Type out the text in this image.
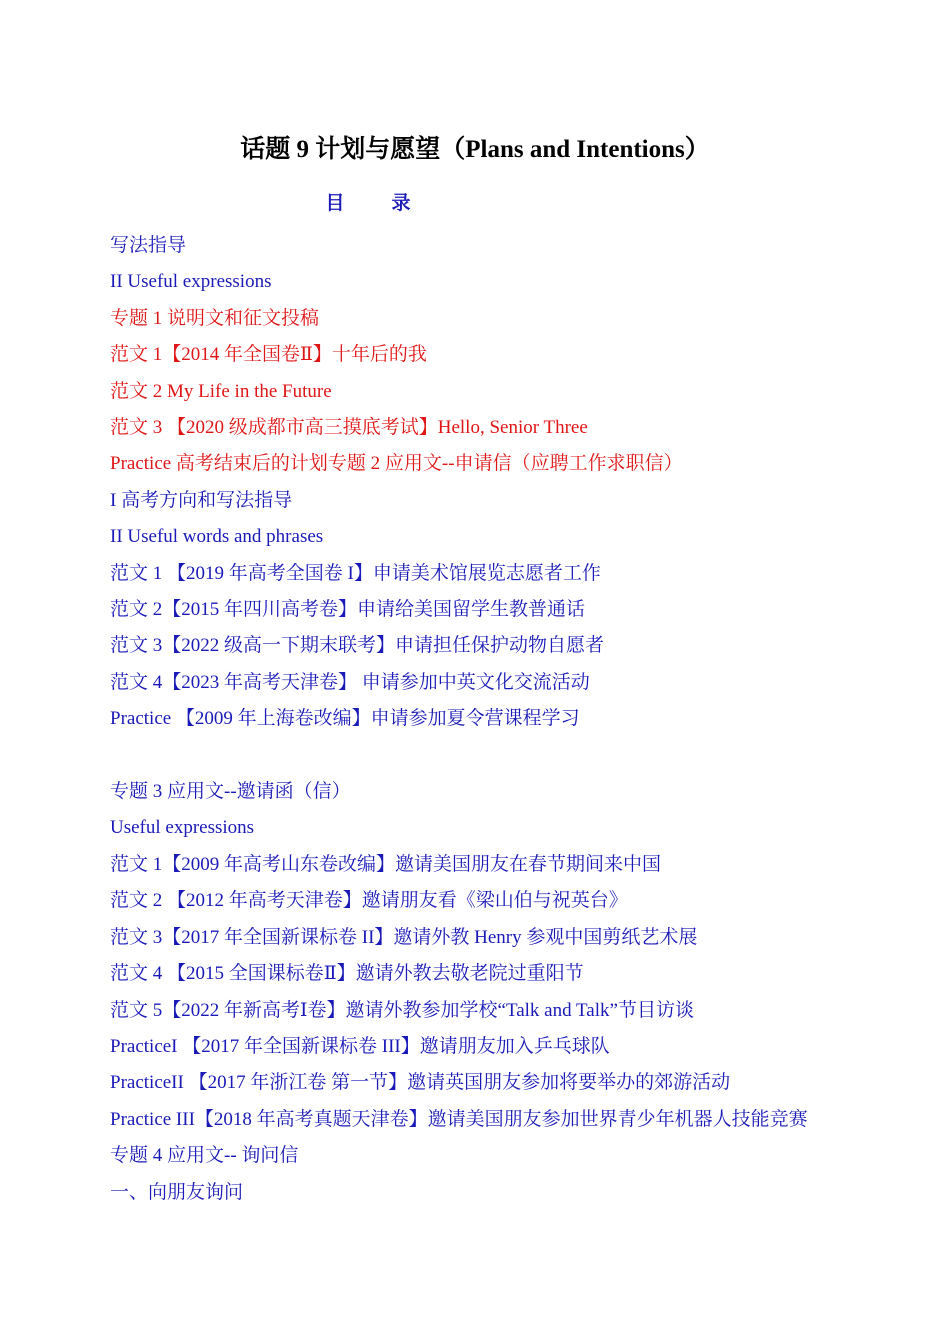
话题 9 计划与愿望（Plans and Intentions）
目　录
写法指导
II Useful expressions
专题 1 说明文和征文投稿
范文 1【2014 年全国卷Ⅱ】十年后的我
范文 2 My Life in the Future
范文 3 【2020 级成都市高三摸底考试】Hello, Senior Three
Practice 高考结束后的计划专题 2 应用文--申请信（应聘工作求职信）
I 高考方向和写法指导
II Useful words and phrases
范文 1 【2019 年高考全国卷 I】申请美术馆展览志愿者工作
范文 2【2015 年四川高考卷】申请给美国留学生教普通话
范文 3【2022 级高一下期末联考】申请担任保护动物自愿者
范文 4【2023 年高考天津卷】 申请参加中英文化交流活动
Practice 【2009 年上海卷改编】申请参加夏令营课程学习
专题 3 应用文--邀请函（信）
Useful expressions
范文 1【2009 年高考山东卷改编】邀请美国朋友在春节期间来中国
范文 2 【2012 年高考天津卷】邀请朋友看《梁山伯与祝英台》
范文 3【2017 年全国新课标卷 II】邀请外教 Henry 参观中国剪纸艺术展
范文 4 【2015 全国课标卷Ⅱ】邀请外教去敬老院过重阳节
范文 5【2022 年新高考Ⅰ卷】邀请外教参加学校“Talk and Talk”节目访谈
PracticeI 【2017 年全国新课标卷 III】邀请朋友加入乒乓球队
PracticeII 【2017 年浙江卷 第一节】邀请英国朋友参加将要举办的郊游活动
Practice III【2018 年高考真题天津卷】邀请美国朋友参加世界青少年机器人技能竞赛
专题 4 应用文-- 询问信
一、向朋友询问
